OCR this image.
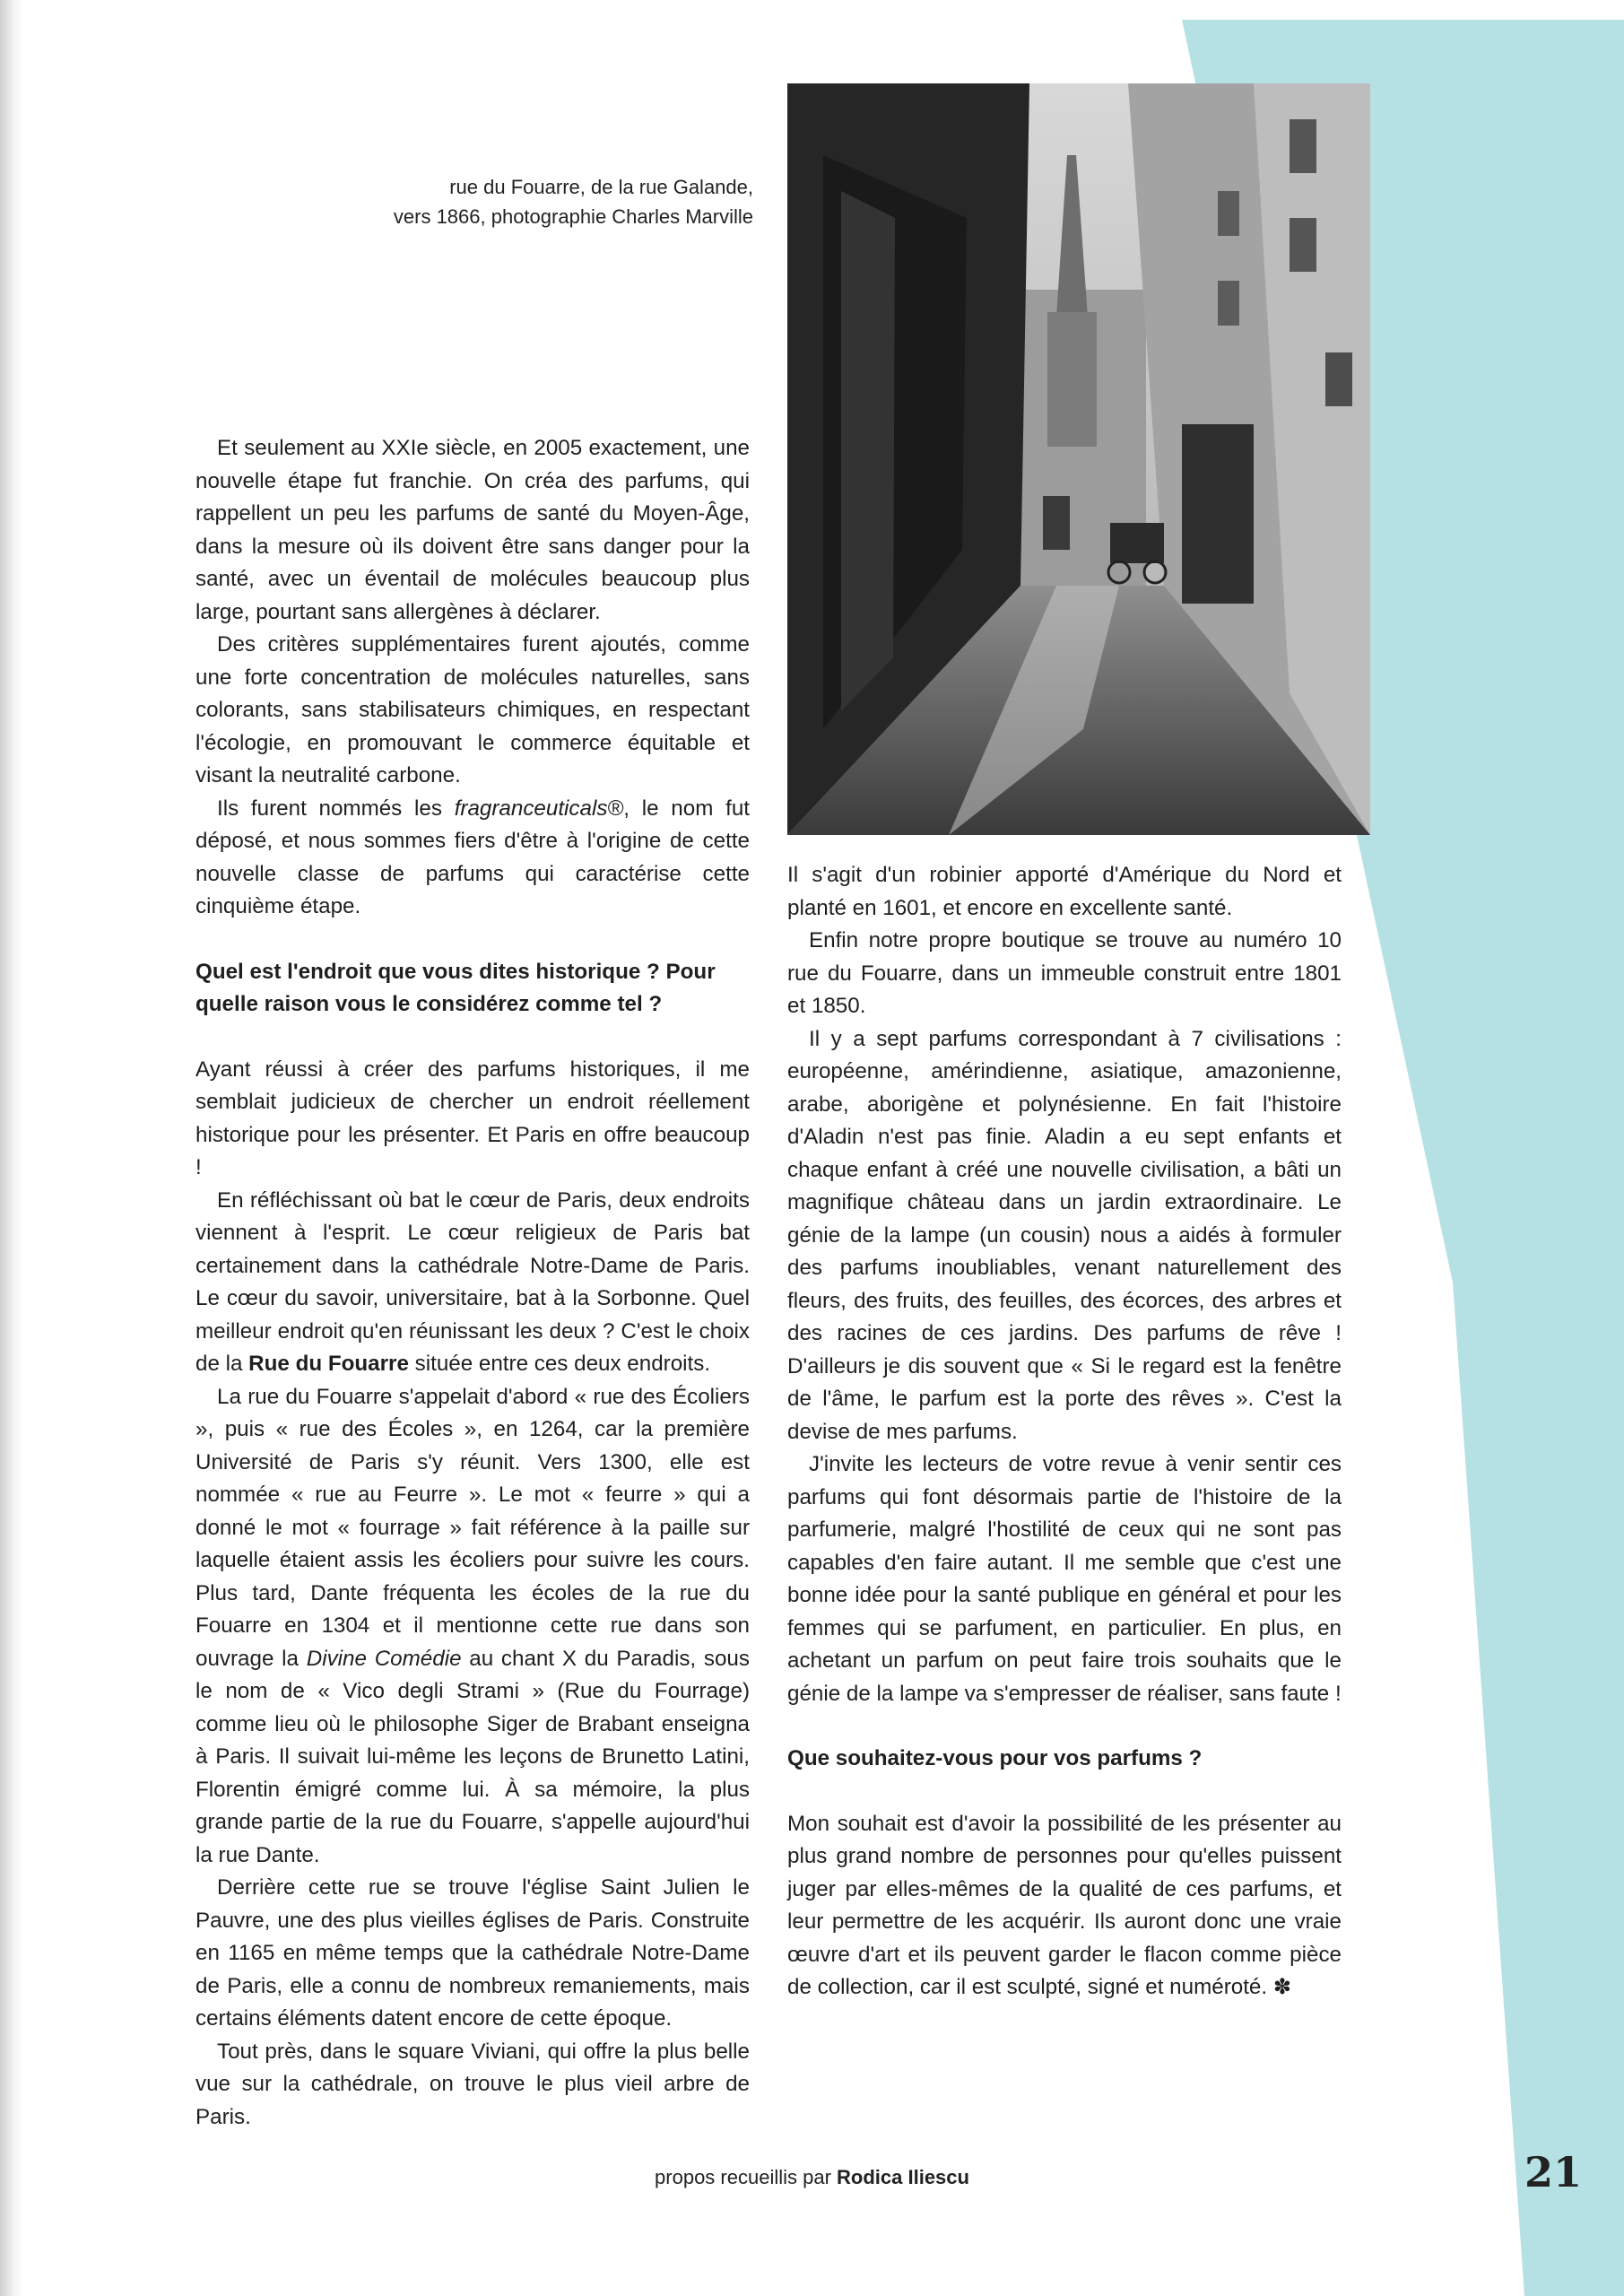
rue du Fouarre, de la rue Galande,
vers 1866, photographie Charles Marville

Et seulement au XXIe siècle, en 2005 exactement, une nouvelle étape fut franchie. On créa des parfums, qui rappellent un peu les parfums de santé du Moyen-Âge, dans la mesure où ils doivent être sans danger pour la santé, avec un éventail de molécules beaucoup plus large, pourtant sans allergènes à déclarer.

Des critères supplémentaires furent ajoutés, comme une forte concentration de molécules naturelles, sans colorants, sans stabilisateurs chimiques, en respectant l'écologie, en promouvant le commerce équitable et visant la neutralité carbone.

Ils furent nommés les fragranceuticals®, le nom fut déposé, et nous sommes fiers d'être à l'origine de cette nouvelle classe de parfums qui caractérise cette cinquième étape.

Quel est l'endroit que vous dites historique ? Pour quelle raison vous le considérez comme tel ?

Ayant réussi à créer des parfums historiques, il me semblait judicieux de chercher un endroit réellement historique pour les présenter. Et Paris en offre beaucoup !

En réfléchissant où bat le cœur de Paris, deux endroits viennent à l'esprit. Le cœur religieux de Paris bat certainement dans la cathédrale Notre-Dame de Paris. Le cœur du savoir, universitaire, bat à la Sorbonne. Quel meilleur endroit qu'en réunissant les deux ? C'est le choix de la Rue du Fouarre située entre ces deux endroits.

La rue du Fouarre s'appelait d'abord « rue des Écoliers », puis « rue des Écoles », en 1264, car la première Université de Paris s'y réunit. Vers 1300, elle est nommée « rue au Feurre ». Le mot « feurre » qui a donné le mot « fourrage » fait référence à la paille sur laquelle étaient assis les écoliers pour suivre les cours. Plus tard, Dante fréquenta les écoles de la rue du Fouarre en 1304 et il mentionne cette rue dans son ouvrage la Divine Comédie au chant X du Paradis, sous le nom de « Vico degli Strami » (Rue du Fourrage) comme lieu où le philosophe Siger de Brabant enseigna à Paris. Il suivait lui-même les leçons de Brunetto Latini, Florentin émigré comme lui. À sa mémoire, la plus grande partie de la rue du Fouarre, s'appelle aujourd'hui la rue Dante.

Derrière cette rue se trouve l'église Saint Julien le Pauvre, une des plus vieilles églises de Paris. Construite en 1165 en même temps que la cathédrale Notre-Dame de Paris, elle a connu de nombreux remaniements, mais certains éléments datent encore de cette époque.

Tout près, dans le square Viviani, qui offre la plus belle vue sur la cathédrale, on trouve le plus vieil arbre de Paris.

Il s'agit d'un robinier apporté d'Amérique du Nord et planté en 1601, et encore en excellente santé.

Enfin notre propre boutique se trouve au numéro 10 rue du Fouarre, dans un immeuble construit entre 1801 et 1850.

Il y a sept parfums correspondant à 7 civilisations : européenne, amérindienne, asiatique, amazonienne, arabe, aborigène et polynésienne. En fait l'histoire d'Aladin n'est pas finie. Aladin a eu sept enfants et chaque enfant à créé une nouvelle civilisation, a bâti un magnifique château dans un jardin extraordinaire. Le génie de la lampe (un cousin) nous a aidés à formuler des parfums inoubliables, venant naturellement des fleurs, des fruits, des feuilles, des écorces, des arbres et des racines de ces jardins. Des parfums de rêve ! D'ailleurs je dis souvent que « Si le regard est la fenêtre de l'âme, le parfum est la porte des rêves ». C'est la devise de mes parfums.

J'invite les lecteurs de votre revue à venir sentir ces parfums qui font désormais partie de l'histoire de la parfumerie, malgré l'hostilité de ceux qui ne sont pas capables d'en faire autant. Il me semble que c'est une bonne idée pour la santé publique en général et pour les femmes qui se parfument, en particulier. En plus, en achetant un parfum on peut faire trois souhaits que le génie de la lampe va s'empresser de réaliser, sans faute !

Que souhaitez-vous pour vos parfums ?

Mon souhait est d'avoir la possibilité de les présenter au plus grand nombre de personnes pour qu'elles puissent juger par elles-mêmes de la qualité de ces parfums, et leur permettre de les acquérir. Ils auront donc une vraie œuvre d'art et ils peuvent garder le flacon comme pièce de collection, car il est sculpté, signé et numéroté. ✽

propos recueillis par Rodica Iliescu	21
